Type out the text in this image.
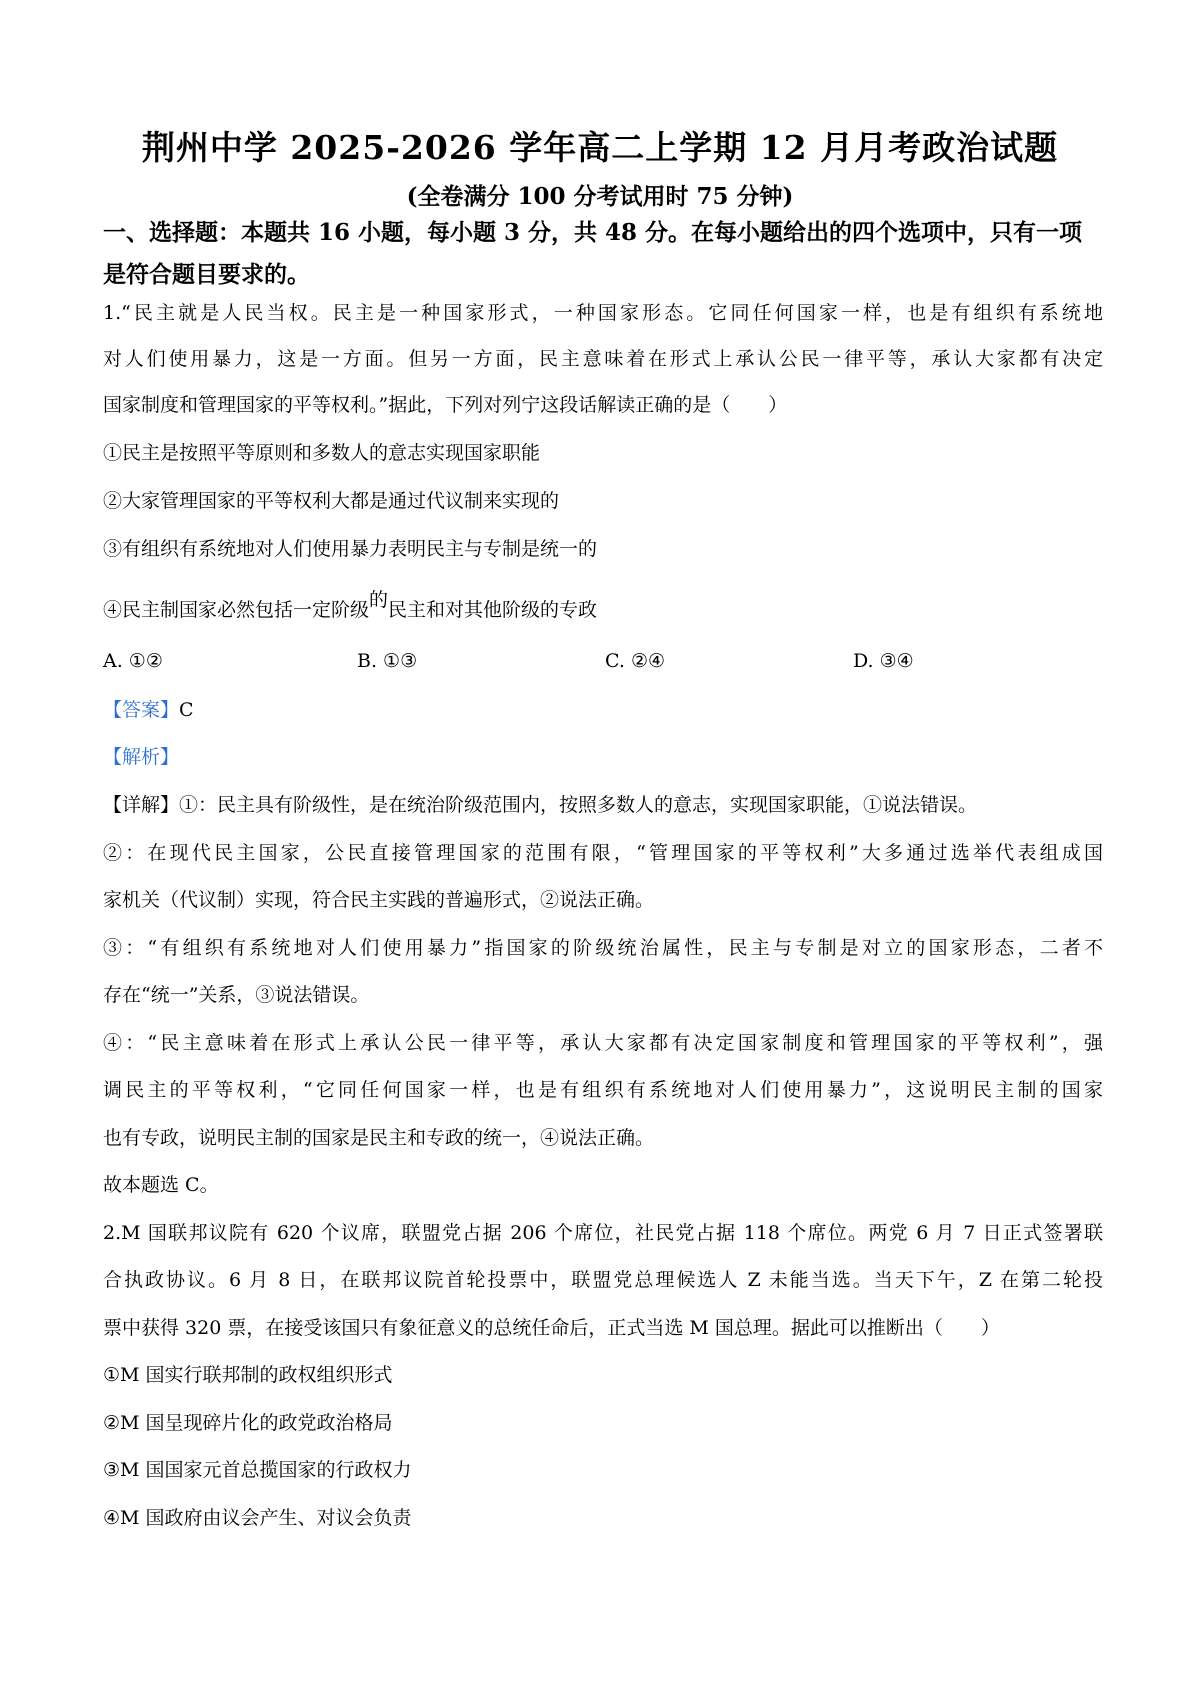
荆州中学 2025-2026 学年高二上学期 12 月月考政治试题
(全卷满分 100 分考试用时 75 分钟)
一、选择题：本题共 16 小题，每小题 3 分，共 48 分。在每小题给出的四个选项中，只有一项是符合题目要求的。
1.“民主就是人民当权。民主是一种国家形式，一种国家形态。它同任何国家一样，也是有组织有系统地
对人们使用暴力，这是一方面。但另一方面，民主意味着在形式上承认公民一律平等，承认大家都有决定
国家制度和管理国家的平等权利。”据此，下列对列宁这段话解读正确的是（　　）
①民主是按照平等原则和多数人的意志实现国家职能
②大家管理国家的平等权利大都是通过代议制来实现的
③有组织有系统地对人们使用暴力表明民主与专制是统一的
④民主制国家必然包括一定阶级的民主和对其他阶级的专政
A. ①②	B. ①③	C. ②④	D. ③④
【答案】C
【解析】
【详解】①：民主具有阶级性，是在统治阶级范围内，按照多数人的意志，实现国家职能，①说法错误。
②：在现代民主国家，公民直接管理国家的范围有限，“管理国家的平等权利”大多通过选举代表组成国
家机关（代议制）实现，符合民主实践的普遍形式，②说法正确。
③：“有组织有系统地对人们使用暴力”指国家的阶级统治属性，民主与专制是对立的国家形态，二者不
存在“统一”关系，③说法错误。
④：“民主意味着在形式上承认公民一律平等，承认大家都有决定国家制度和管理国家的平等权利”，强
调民主的平等权利，“它同任何国家一样，也是有组织有系统地对人们使用暴力”，这说明民主制的国家
也有专政，说明民主制的国家是民主和专政的统一，④说法正确。
故本题选 C。
2.M 国联邦议院有 620 个议席，联盟党占据 206 个席位，社民党占据 118 个席位。两党 6 月 7 日正式签署联
合执政协议。6 月 8 日，在联邦议院首轮投票中，联盟党总理候选人 Z 未能当选。当天下午，Z 在第二轮投
票中获得 320 票，在接受该国只有象征意义的总统任命后，正式当选 M 国总理。据此可以推断出（　　）
①M 国实行联邦制的政权组织形式
②M 国呈现碎片化的政党政治格局
③M 国国家元首总揽国家的行政权力
④M 国政府由议会产生、对议会负责
